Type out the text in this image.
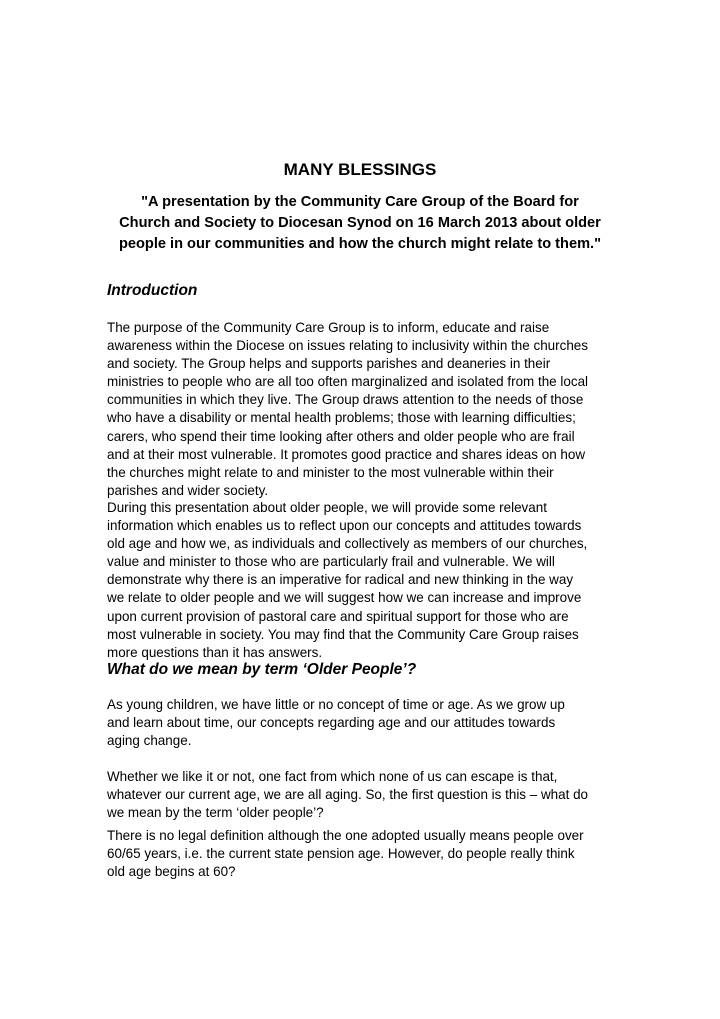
MANY BLESSINGS
"A presentation by the Community Care Group of the Board for
Church and Society to Diocesan Synod on 16 March 2013 about older
people in our communities and how the church might relate to them."
Introduction
The purpose of the Community Care Group is to inform, educate and raise
awareness within the Diocese on issues relating to inclusivity within the churches
and society. The Group helps and supports parishes and deaneries in their
ministries to people who are all too often marginalized and isolated from the local
communities in which they live. The Group draws attention to the needs of those
who have a disability or mental health problems; those with learning difficulties;
carers, who spend their time looking after others and older people who are frail
and at their most vulnerable. It promotes good practice and shares ideas on how
the churches might relate to and minister to the most vulnerable within their
parishes and wider society.
During this presentation about older people, we will provide some relevant
information which enables us to reflect upon our concepts and attitudes towards
old age and how we, as individuals and collectively as members of our churches,
value and minister to those who are particularly frail and vulnerable. We will
demonstrate why there is an imperative for radical and new thinking in the way
we relate to older people and we will suggest how we can increase and improve
upon current provision of pastoral care and spiritual support for those who are
most vulnerable in society. You may find that the Community Care Group raises
more questions than it has answers.
What do we mean by term ‘Older People’?
As young children, we have little or no concept of time or age. As we grow up
and learn about time, our concepts regarding age and our attitudes towards
aging change.
Whether we like it or not, one fact from which none of us can escape is that,
whatever our current age, we are all aging. So, the first question is this – what do
we mean by the term ‘older people’?
There is no legal definition although the one adopted usually means people over
60/65 years, i.e. the current state pension age. However, do people really think
old age begins at 60?
